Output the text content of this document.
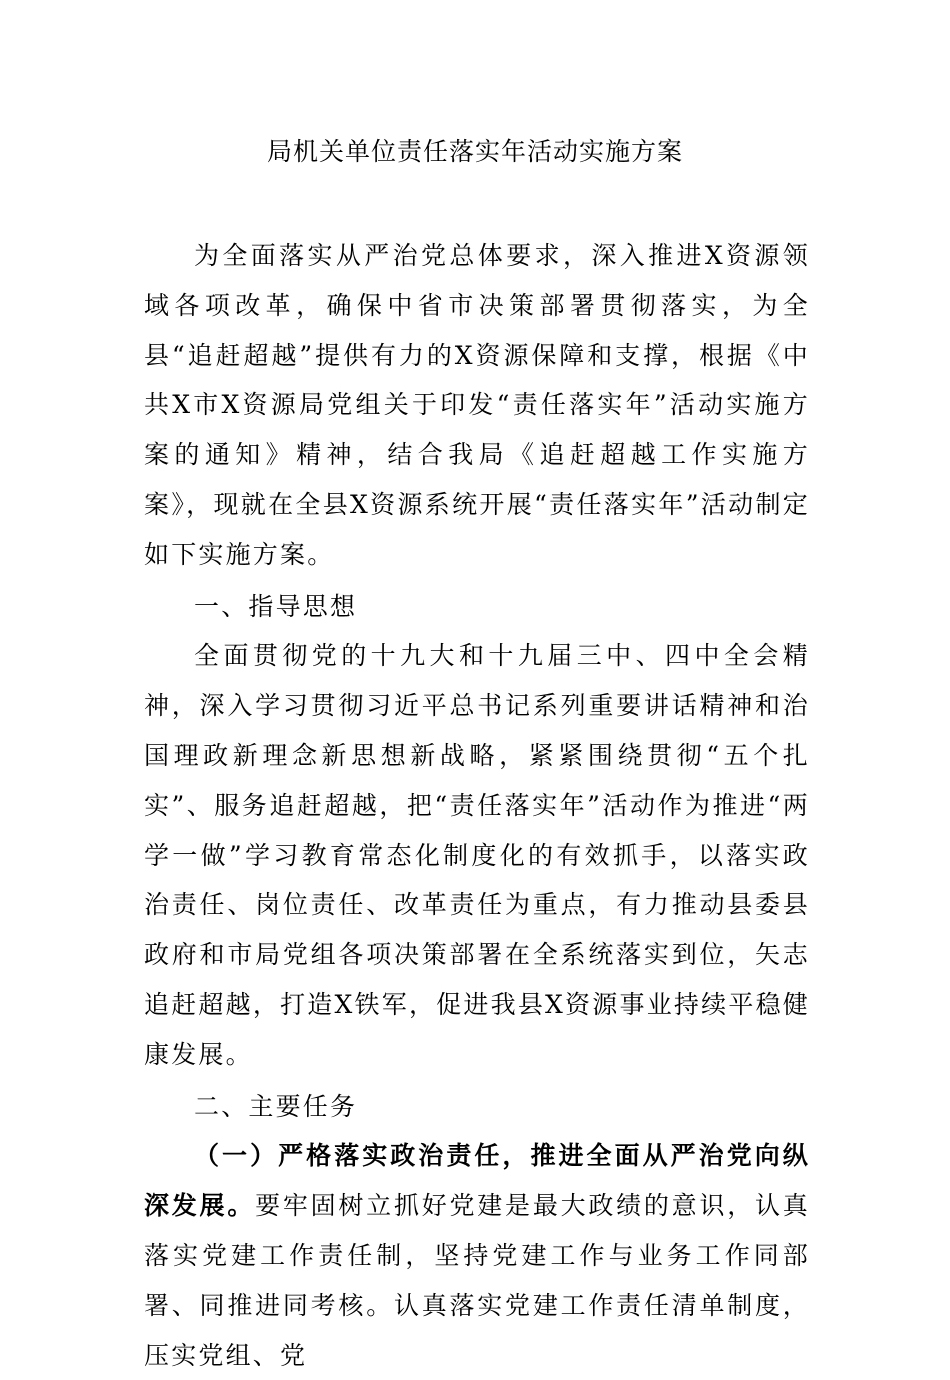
局机关单位责任落实年活动实施方案

为全面落实从严治党总体要求，深入推进X资源领域各项改革，确保中省市决策部署贯彻落实，为全县“追赶超越”提供有力的X资源保障和支撑，根据《中共X市X资源局党组关于印发“责任落实年”活动实施方案的通知》精神，结合我局《追赶超越工作实施方案》，现就在全县X资源系统开展“责任落实年”活动制定如下实施方案。

一、指导思想

全面贯彻党的十九大和十九届三中、四中全会精神，深入学习贯彻习近平总书记系列重要讲话精神和治国理政新理念新思想新战略，紧紧围绕贯彻“五个扎实”、服务追赶超越，把“责任落实年”活动作为推进“两学一做”学习教育常态化制度化的有效抓手，以落实政治责任、岗位责任、改革责任为重点，有力推动县委县政府和市局党组各项决策部署在全系统落实到位，矢志追赶超越，打造X铁军，促进我县X资源事业持续平稳健康发展。

二、主要任务

（一）严格落实政治责任，推进全面从严治党向纵深发展。要牢固树立抓好党建是最大政绩的意识，认真落实党建工作责任制，坚持党建工作与业务工作同部署、同推进同考核。认真落实党建工作责任清单制度，压实党组、党
